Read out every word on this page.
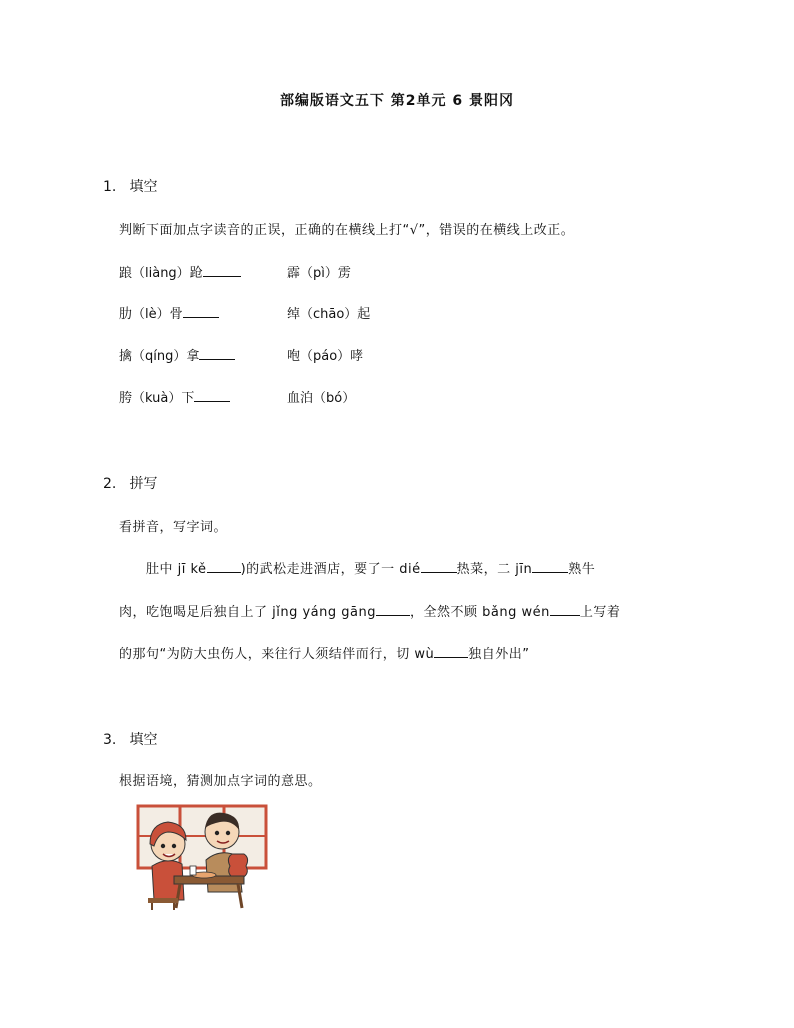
部编版语文五下 第2单元 6 景阳冈
1. 填空
判断下面加点字读音的正误，正确的在横线上打“√”，错误的在横线上改正。
踉（liàng）跄	霹（pì）雳
肋（lè）骨	绰（chāo）起
擒（qíng）拿	咆（páo）哮
胯（kuà）下	血泊（bó）
2. 拼写
看拼音，写字词。
肚中 jī kě	)的武松走进酒店，要了一 dié	热菜，二 jīn	熟牛
肉，吃饱喝足后独自上了 jǐng yáng gāng	，全然不顾 bǎng wén 上写着
的那句“为防大虫伤人，来往行人须结伴而行，切 wù	独自外出”
3. 填空
根据语境，猜测加点字词的意思。
